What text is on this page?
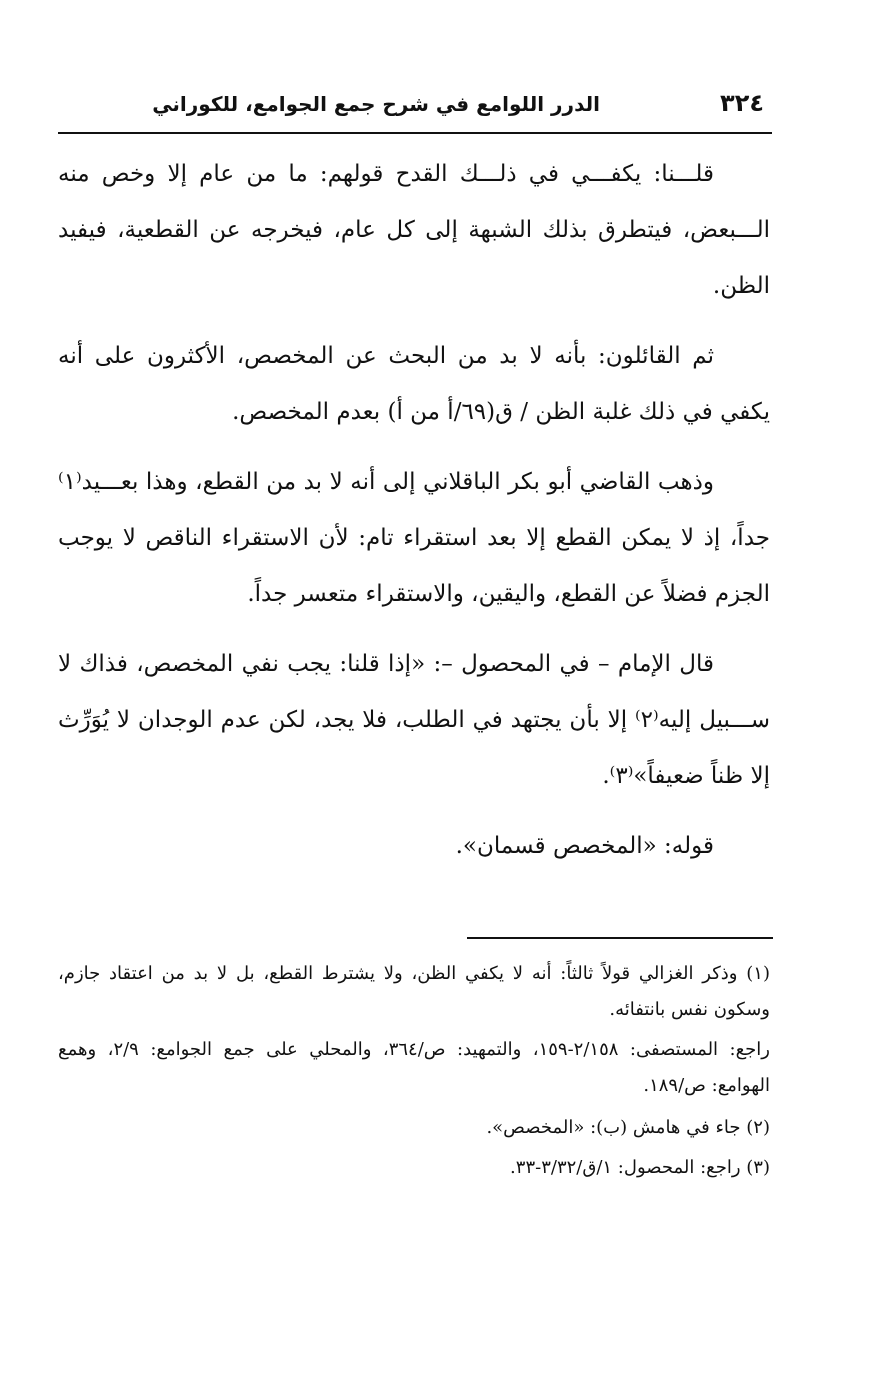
٣٢٤
الدرر اللوامع في شرح جمع الجوامع، للكوراني

قلـــنا: يكفـــي في ذلـــك القدح قولهم: ما من عام إلا وخص منه الـــبعض، فيتطرق بذلك الشبهة إلى كل عام، فيخرجه عن القطعية، فيفيد الظن.

ثم القائلون: بأنه لا بد من البحث عن المخصص، الأكثرون على أنه يكفي في ذلك غلبة الظن / ق(٦٩/أ من أ) بعدم المخصص.

وذهب القاضي أبو بكر الباقلاني إلى أنه لا بد من القطع، وهذا بعـــيد⁽١⁾ جداً، إذ لا يمكن القطع إلا بعد استقراء تام: لأن الاستقراء الناقص لا يوجب الجزم فضلاً عن القطع، واليقين، والاستقراء متعسر جداً.

قال الإمام – في المحصول –: «إذا قلنا: يجب نفي المخصص، فذاك لا ســـبيل إليه⁽٢⁾ إلا بأن يجتهد في الطلب، فلا يجد، لكن عدم الوجدان لا يُوَرِّث إلا ظناً ضعيفاً»⁽٣⁾.

قوله: «المخصص قسمان».

(١) وذكر الغزالي قولاً ثالثاً: أنه لا يكفي الظن، ولا يشترط القطع، بل لا بد من اعتقاد جازم، وسكون نفس بانتفائه.

راجع: المستصفى: ٢/١٥٨-١٥٩، والتمهيد: ص/٣٦٤، والمحلي على جمع الجوامع: ٢/٩، وهمع الهوامع: ص/١٨٩.

(٢) جاء في هامش (ب): «المخصص».

(٣) راجع: المحصول: ١/ق/٣/٣٢-٣٣.
